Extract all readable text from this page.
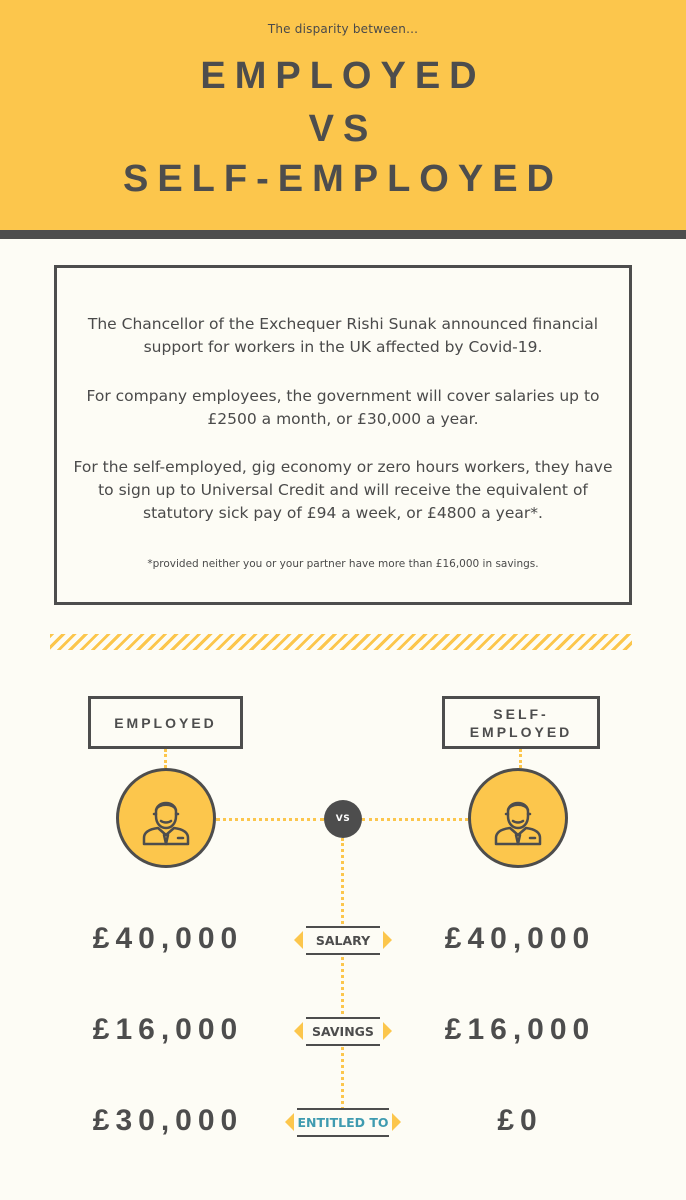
The disparity between...
EMPLOYED
VS
SELF-EMPLOYED

The Chancellor of the Exchequer Rishi Sunak announced financial support for workers in the UK affected by Covid-19.

For company employees, the government will cover salaries up to £2500 a month, or £30,000 a year.

For the self-employed, gig economy or zero hours workers, they have to sign up to Universal Credit and will receive the equivalent of statutory sick pay of £94 a week, or £4800 a year*.

*provided neither you or your partner have more than £16,000 in savings.

EMPLOYED
SELF-EMPLOYED
VS
£40,000	SALARY	£40,000
£16,000	SAVINGS	£16,000
£30,000	ENTITLED TO	£0
